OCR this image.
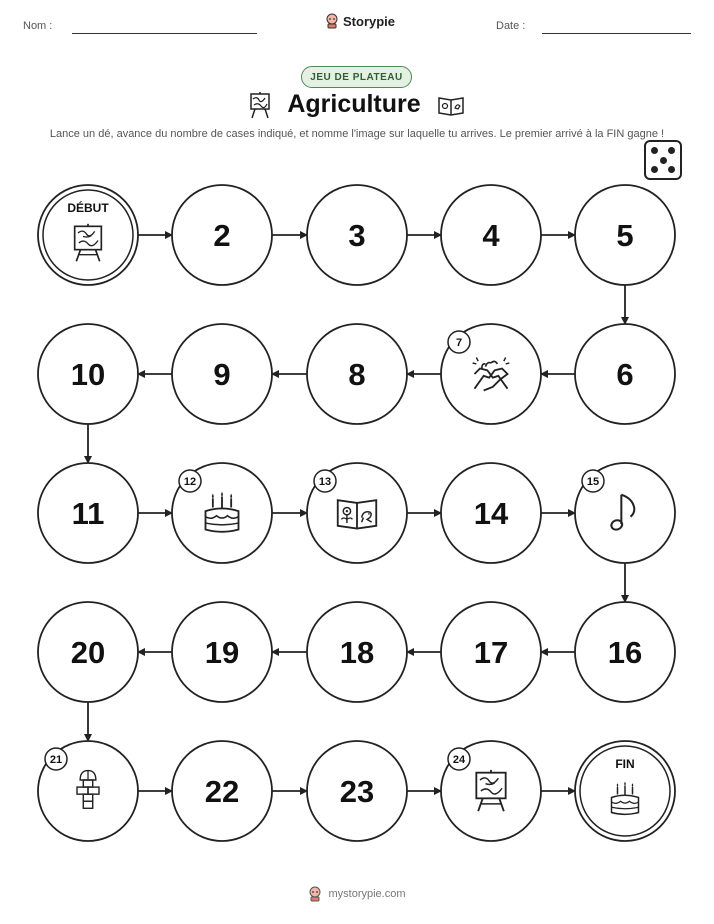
Nom :	Storypie	Date :
JEU DE PLATEAU
Agriculture
Lance un dé, avance du nombre de cases indiqué, et nomme l'image sur laquelle tu arrives. Le premier arrivé à la FIN gagne !
DÉBUT
2	3	4	5
6
7
8
9
10
11
12	13
14
15
16
17
18
19
20
21
22	23
24	FIN
mystorypie.com
